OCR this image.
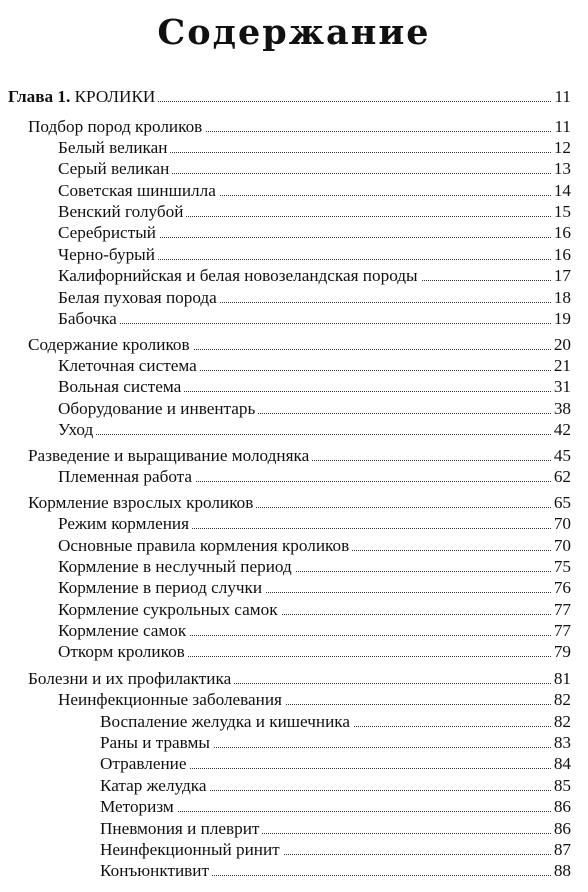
Содержание
Глава 1. КРОЛИКИ	11
Подбор пород кроликов	11
Белый великан	12
Серый великан	13
Советская шиншилла	14
Венский голубой	15
Серебристый	16
Черно-бурый	16
Калифорнийская и белая новозеландская породы	17
Белая пуховая порода	18
Бабочка	19
Содержание кроликов	20
Клеточная система	21
Вольная система	31
Оборудование и инвентарь	38
Уход	42
Разведение и выращивание молодняка	45
Племенная работа	62
Кормление взрослых кроликов	65
Режим кормления	70
Основные правила кормления кроликов	70
Кормление в неслучный период	75
Кормление в период случки	76
Кормление сукрольных самок	77
Кормление самок	77
Откорм кроликов	79
Болезни и их профилактика	81
Неинфекционные заболевания	82
Воспаление желудка и кишечника	82
Раны и травмы	83
Отравление	84
Катар желудка	85
Меторизм	86
Пневмония и плеврит	86
Неинфекционный ринит	87
Конъюнктивит	88
